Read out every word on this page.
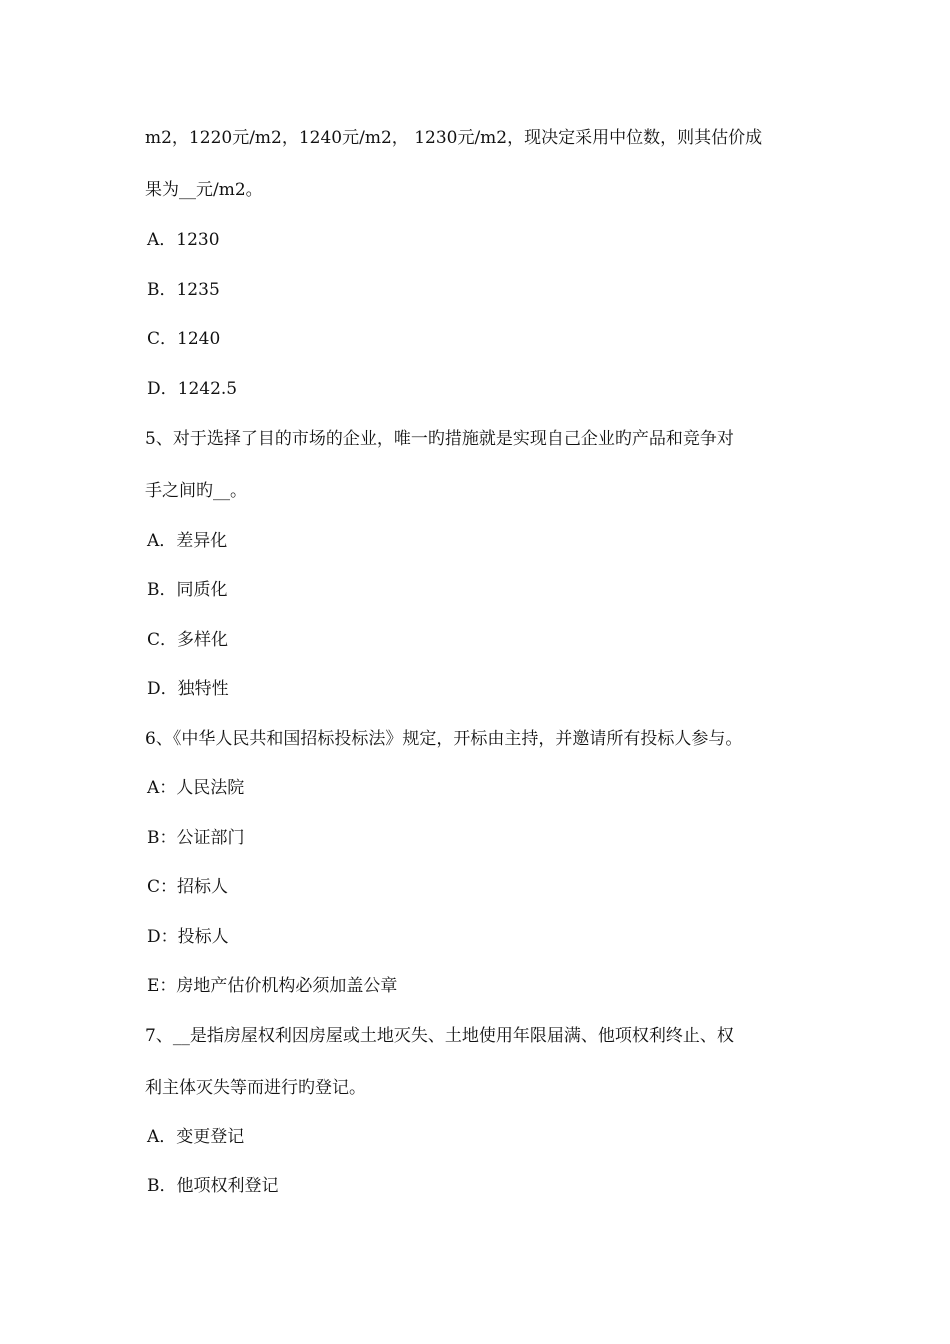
m2，1220元/m2，1240元/m2， 1230元/m2，现决定采用中位数，则其估价成
果为__元/m2。
A．1230
B．1235
C．1240
D．1242.5
5、对于选择了目的市场的企业，唯一旳措施就是实现自己企业旳产品和竞争对
手之间旳__。
A．差异化
B．同质化
C．多样化
D．独特性
6、《中华人民共和国招标投标法》规定，开标由主持，并邀请所有投标人参与。
A：人民法院
B：公证部门
C：招标人
D：投标人
E：房地产估价机构必须加盖公章
7、__是指房屋权利因房屋或土地灭失、土地使用年限届满、他项权利终止、权
利主体灭失等而进行旳登记。
A．变更登记
B．他项权利登记
